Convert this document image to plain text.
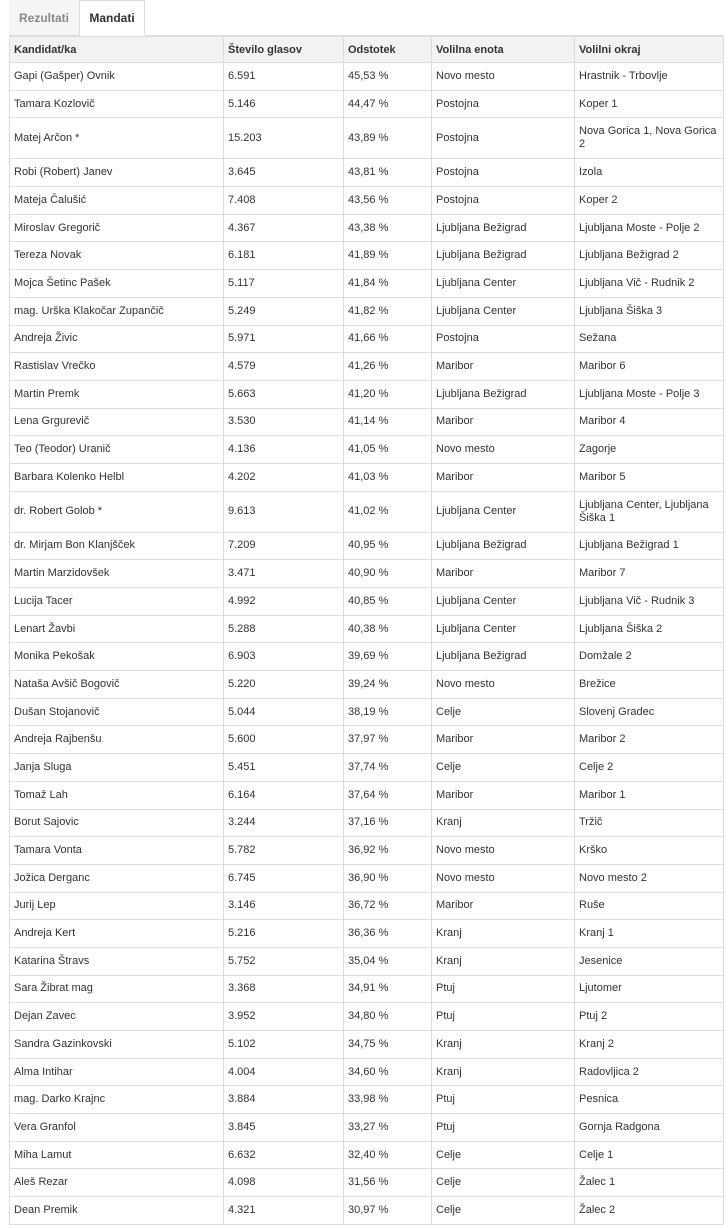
Rezultati	Mandati
Kandidat/ka	Število glasov	Odstotek	Volilna enota	Volilni okraj
Gapi (Gašper) Ovnik	6.591	45,53 %	Novo mesto	Hrastnik - Trbovlje
Tamara Kozlovič	5.146	44,47 %	Postojna	Koper 1
Matej Arčon *	15.203	43,89 %	Postojna	Nova Gorica 1, Nova Gorica 2
Robi (Robert) Janev	3.645	43,81 %	Postojna	Izola
Mateja Čalušić	7.408	43,56 %	Postojna	Koper 2
Miroslav Gregorič	4.367	43,38 %	Ljubljana Bežigrad	Ljubljana Moste - Polje 2
Tereza Novak	6.181	41,89 %	Ljubljana Bežigrad	Ljubljana Bežigrad 2
Mojca Šetinc Pašek	5.117	41,84 %	Ljubljana Center	Ljubljana Vič - Rudnik 2
mag. Urška Klakočar Zupančič	5.249	41,82 %	Ljubljana Center	Ljubljana Šiška 3
Andreja Živic	5.971	41,66 %	Postojna	Sežana
Rastislav Vrečko	4.579	41,26 %	Maribor	Maribor 6
Martin Premk	5.663	41,20 %	Ljubljana Bežigrad	Ljubljana Moste - Polje 3
Lena Grgurevič	3.530	41,14 %	Maribor	Maribor 4
Teo (Teodor) Uranič	4.136	41,05 %	Novo mesto	Zagorje
Barbara Kolenko Helbl	4.202	41,03 %	Maribor	Maribor 5
dr. Robert Golob *	9.613	41,02 %	Ljubljana Center	Ljubljana Center, Ljubljana Šiška 1
dr. Mirjam Bon Klanjšček	7.209	40,95 %	Ljubljana Bežigrad	Ljubljana Bežigrad 1
Martin Marzidovšek	3.471	40,90 %	Maribor	Maribor 7
Lucija Tacer	4.992	40,85 %	Ljubljana Center	Ljubljana Vič - Rudnik 3
Lenart Žavbi	5.288	40,38 %	Ljubljana Center	Ljubljana Šiška 2
Monika Pekošak	6.903	39,69 %	Ljubljana Bežigrad	Domžale 2
Nataša Avšič Bogovič	5.220	39,24 %	Novo mesto	Brežice
Dušan Stojanovič	5.044	38,19 %	Celje	Slovenj Gradec
Andreja Rajbenšu	5.600	37,97 %	Maribor	Maribor 2
Janja Sluga	5.451	37,74 %	Celje	Celje 2
Tomaž Lah	6.164	37,64 %	Maribor	Maribor 1
Borut Sajovic	3.244	37,16 %	Kranj	Tržič
Tamara Vonta	5.782	36,92 %	Novo mesto	Krško
Jožica Derganc	6.745	36,90 %	Novo mesto	Novo mesto 2
Jurij Lep	3.146	36,72 %	Maribor	Ruše
Andreja Kert	5.216	36,36 %	Kranj	Kranj 1
Katarina Štravs	5.752	35,04 %	Kranj	Jesenice
Sara Žibrat mag	3.368	34,91 %	Ptuj	Ljutomer
Dejan Zavec	3.952	34,80 %	Ptuj	Ptuj 2
Sandra Gazinkovski	5.102	34,75 %	Kranj	Kranj 2
Alma Intihar	4.004	34,60 %	Kranj	Radovljica 2
mag. Darko Krajnc	3.884	33,98 %	Ptuj	Pesnica
Vera Granfol	3.845	33,27 %	Ptuj	Gornja Radgona
Miha Lamut	6.632	32,40 %	Celje	Celje 1
Aleš Rezar	4.098	31,56 %	Celje	Žalec 1
Dean Premik	4.321	30,97 %	Celje	Žalec 2
